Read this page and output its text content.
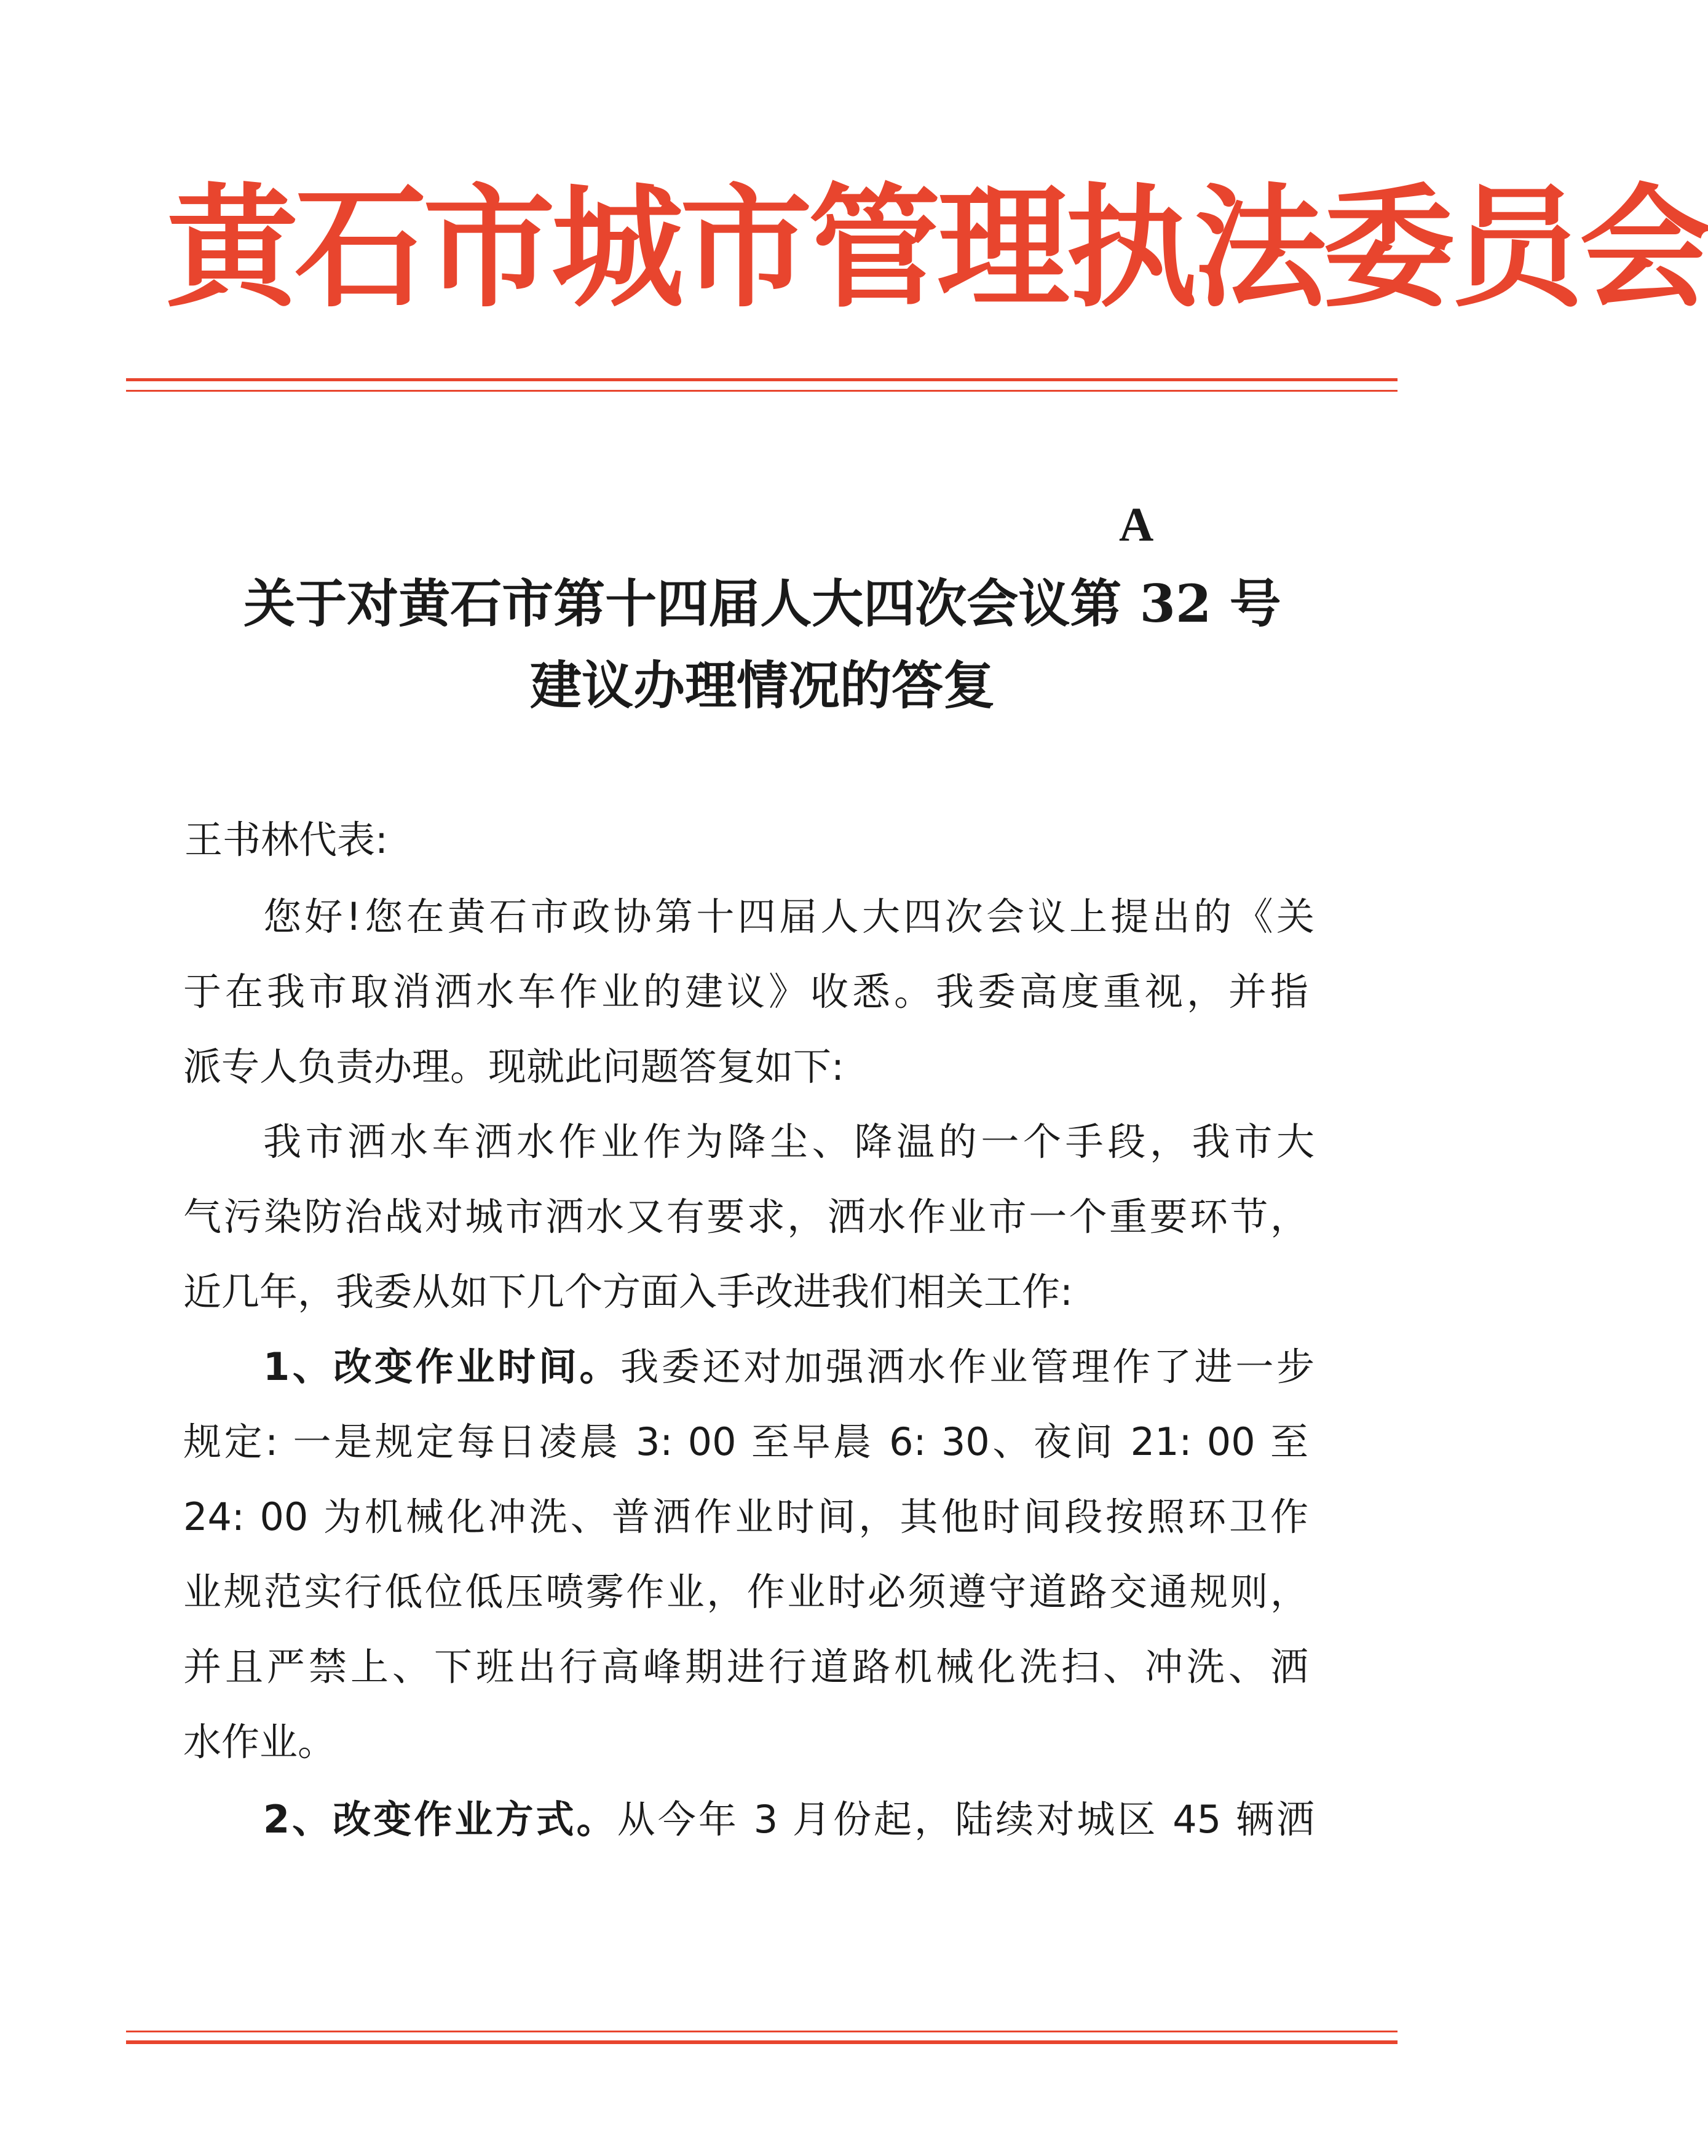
黄石市城市管理执法委员会
A
关于对黄石市第十四届人大四次会议第 32 号
建议办理情况的答复
王书林代表:
您好!您在黄石市政协第十四届人大四次会议上提出的《关
于在我市取消洒水车作业的建议》收悉。我委高度重视，并指
派专人负责办理。现就此问题答复如下:
我市洒水车洒水作业作为降尘、降温的一个手段，我市大
气污染防治战对城市洒水又有要求，洒水作业市一个重要环节，
近几年，我委从如下几个方面入手改进我们相关工作:
1、改变作业时间。我委还对加强洒水作业管理作了进一步
规定: 一是规定每日凌晨 3: 00 至早晨 6: 30、夜间 21: 00 至
24: 00 为机械化冲洗、普洒作业时间，其他时间段按照环卫作
业规范实行低位低压喷雾作业，作业时必须遵守道路交通规则，
并且严禁上、下班出行高峰期进行道路机械化洗扫、冲洗、洒
水作业。
2、改变作业方式。从今年 3 月份起，陆续对城区 45 辆洒
